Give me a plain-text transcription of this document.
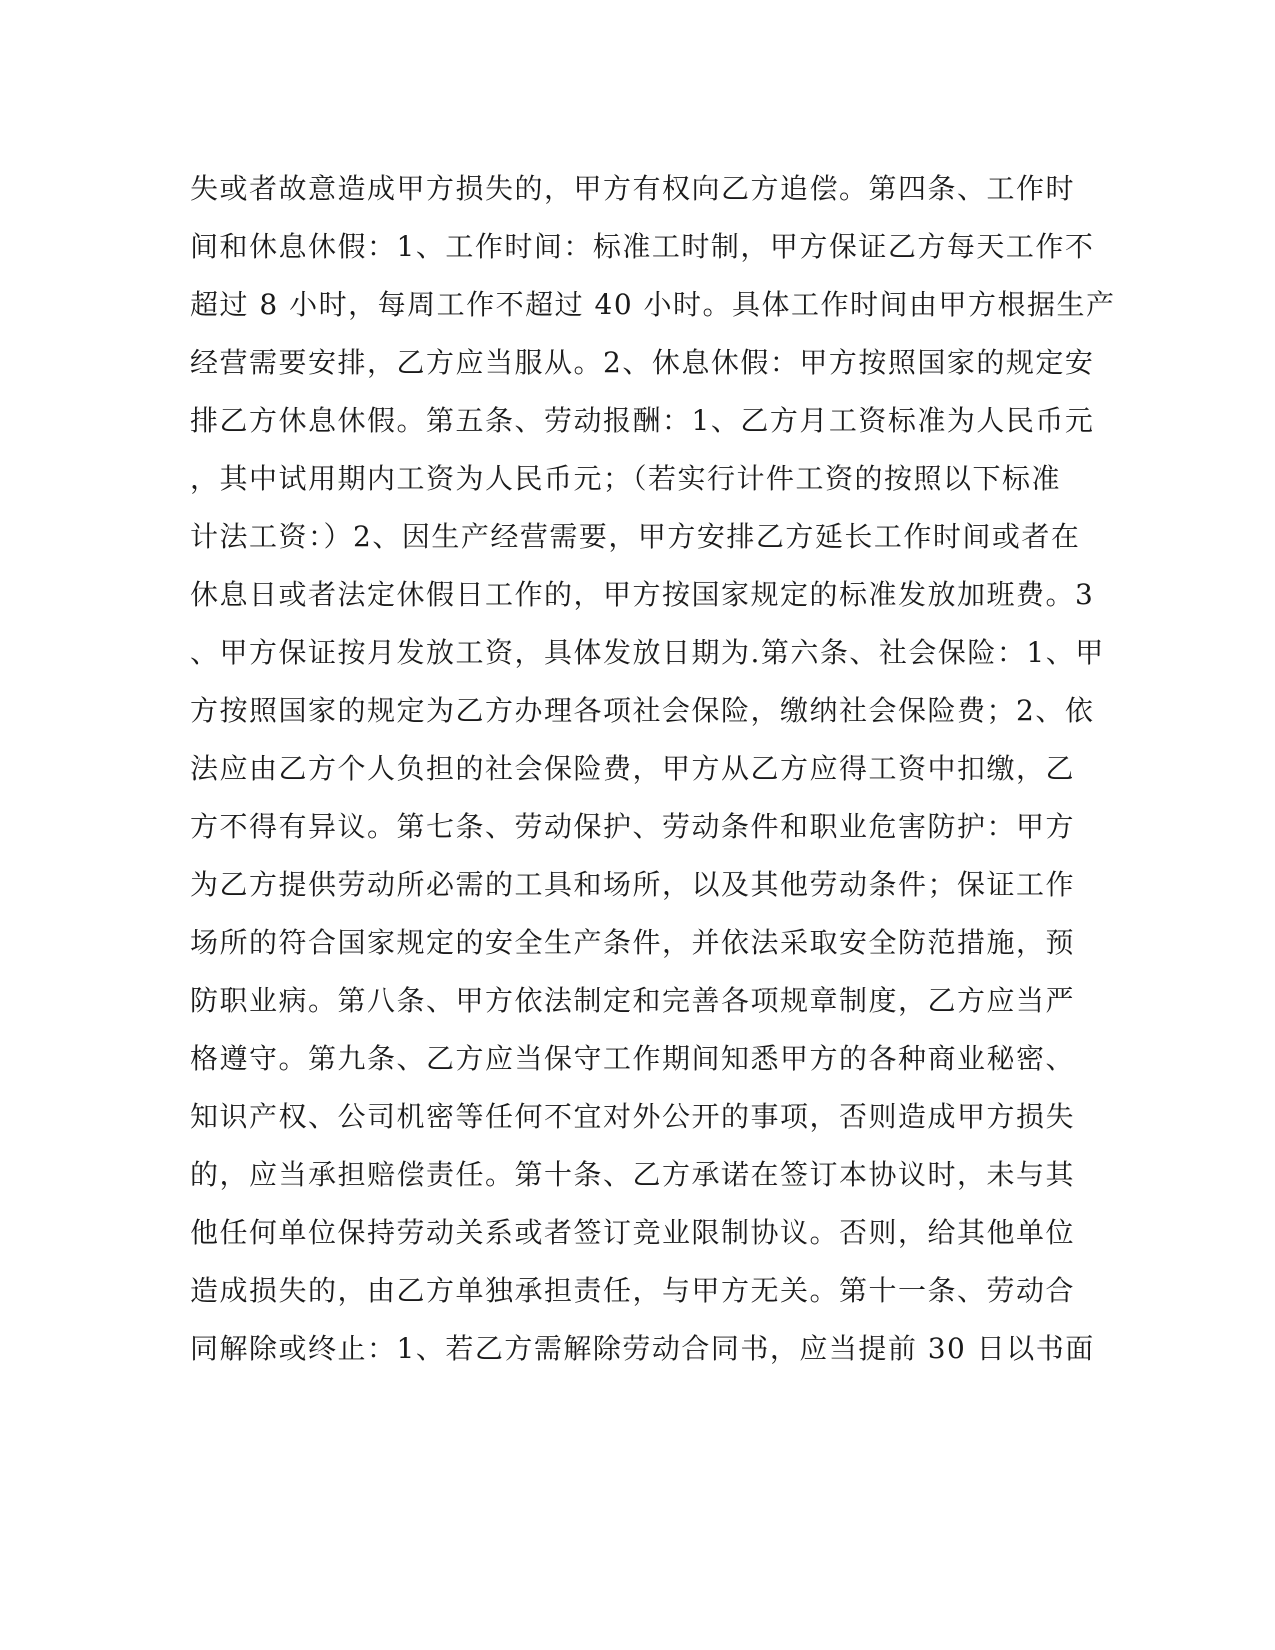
失或者故意造成甲方损失的，甲方有权向乙方追偿。第四条、工作时
间和休息休假：1、工作时间：标准工时制，甲方保证乙方每天工作不
超过 8 小时，每周工作不超过 40 小时。具体工作时间由甲方根据生产
经营需要安排，乙方应当服从。2、休息休假：甲方按照国家的规定安
排乙方休息休假。第五条、劳动报酬：1、乙方月工资标准为人民币元
，其中试用期内工资为人民币元；（若实行计件工资的按照以下标准
计法工资：）2、因生产经营需要，甲方安排乙方延长工作时间或者在
休息日或者法定休假日工作的，甲方按国家规定的标准发放加班费。3
、甲方保证按月发放工资，具体发放日期为.第六条、社会保险：1、甲
方按照国家的规定为乙方办理各项社会保险，缴纳社会保险费；2、依
法应由乙方个人负担的社会保险费，甲方从乙方应得工资中扣缴，乙
方不得有异议。第七条、劳动保护、劳动条件和职业危害防护：甲方
为乙方提供劳动所必需的工具和场所，以及其他劳动条件；保证工作
场所的符合国家规定的安全生产条件，并依法采取安全防范措施，预
防职业病。第八条、甲方依法制定和完善各项规章制度，乙方应当严
格遵守。第九条、乙方应当保守工作期间知悉甲方的各种商业秘密、
知识产权、公司机密等任何不宜对外公开的事项，否则造成甲方损失
的，应当承担赔偿责任。第十条、乙方承诺在签订本协议时，未与其
他任何单位保持劳动关系或者签订竞业限制协议。否则，给其他单位
造成损失的，由乙方单独承担责任，与甲方无关。第十一条、劳动合
同解除或终止：1、若乙方需解除劳动合同书，应当提前 30 日以书面
